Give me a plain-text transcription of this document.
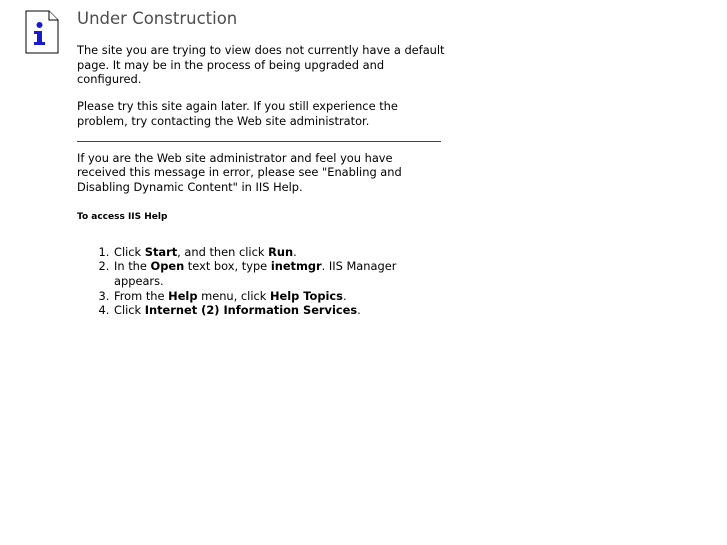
Under Construction

The site you are trying to view does not currently have a default page. It may be in the process of being upgraded and configured.

Please try this site again later. If you still experience the problem, try contacting the Web site administrator.

If you are the Web site administrator and feel you have received this message in error, please see "Enabling and Disabling Dynamic Content" in IIS Help.

To access IIS Help
1. Click Start, and then click Run.
2. In the Open text box, type inetmgr. IIS Manager appears.
3. From the Help menu, click Help Topics.
4. Click Internet (2) Information Services.
